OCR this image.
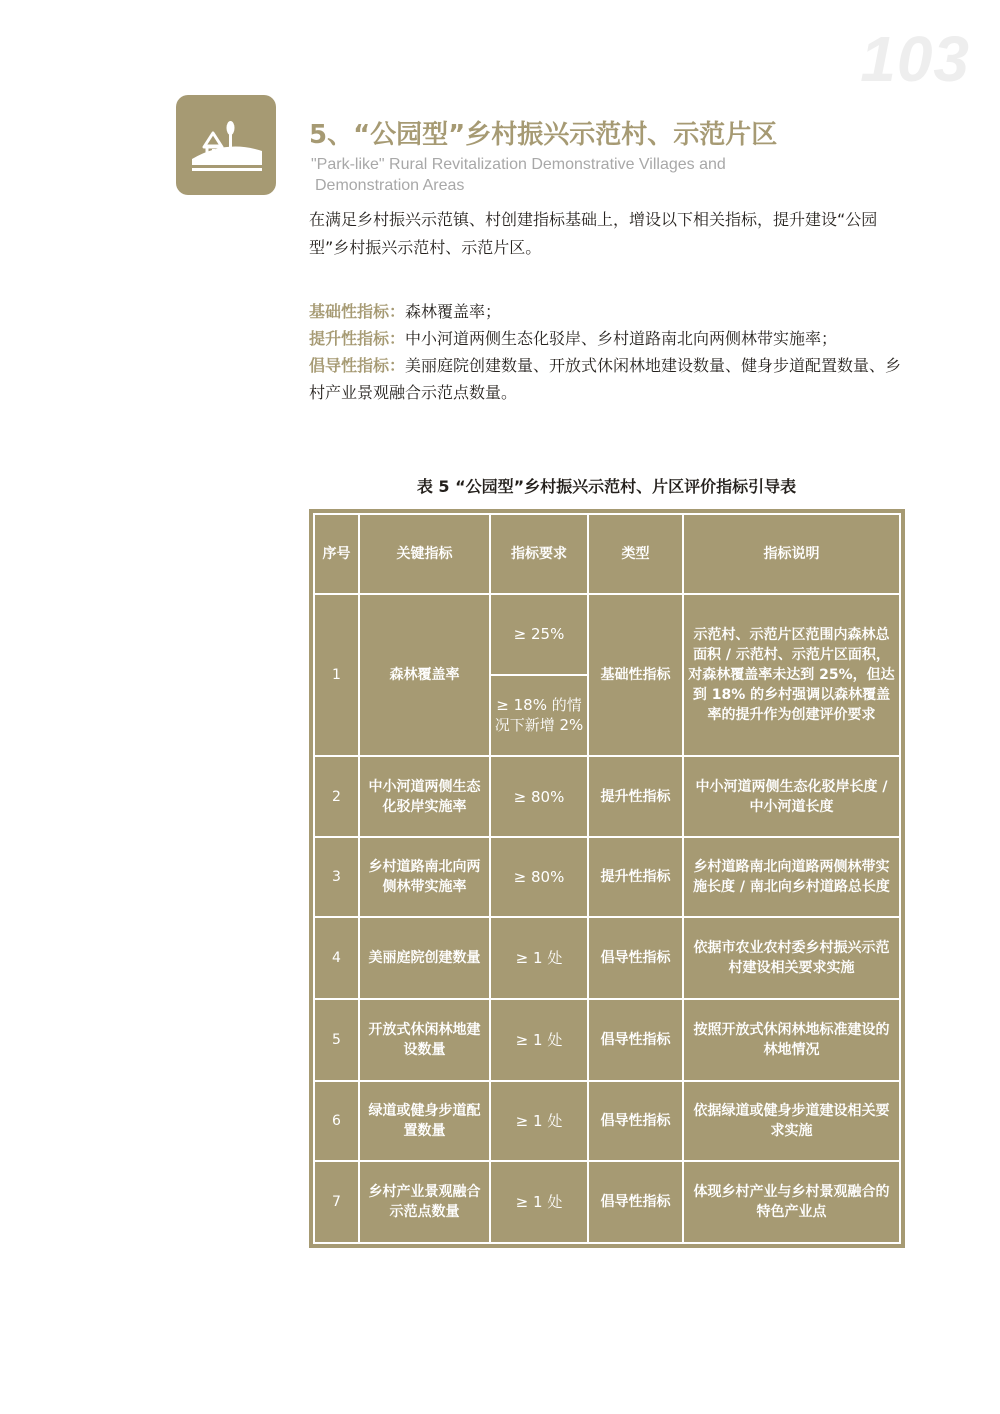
103
5、“公园型”乡村振兴示范村、示范片区
"Park-like" Rural Revitalization Demonstrative Villages and
Demonstration Areas

在满足乡村振兴示范镇、村创建指标基础上，增设以下相关指标，提升建设“公园型”乡村振兴示范村、示范片区。

基础性指标：森林覆盖率；
提升性指标：中小河道两侧生态化驳岸、乡村道路南北向两侧林带实施率；
倡导性指标：美丽庭院创建数量、开放式休闲林地建设数量、健身步道配置数量、乡村产业景观融合示范点数量。
表 5 “公园型”乡村振兴示范村、片区评价指标引导表
序号	关键指标	指标要求	类型	指标说明
1	森林覆盖率	≥ 25%	基础性指标	示范村、示范片区范围内森林总面积 / 示范村、示范片区面积，对森林覆盖率未达到 25%，但达到 18% 的乡村强调以森林覆盖率的提升作为创建评价要求
		≥ 18% 的情况下新增 2%		
2	中小河道两侧生态化驳岸实施率	≥ 80%	提升性指标	中小河道两侧生态化驳岸长度 / 中小河道长度
3	乡村道路南北向两侧林带实施率	≥ 80%	提升性指标	乡村道路南北向道路两侧林带实施长度 / 南北向乡村道路总长度
4	美丽庭院创建数量	≥ 1 处	倡导性指标	依据市农业农村委乡村振兴示范村建设相关要求实施
5	开放式休闲林地建设数量	≥ 1 处	倡导性指标	按照开放式休闲林地标准建设的林地情况
6	绿道或健身步道配置数量	≥ 1 处	倡导性指标	依据绿道或健身步道建设相关要求实施
7	乡村产业景观融合示范点数量	≥ 1 处	倡导性指标	体现乡村产业与乡村景观融合的特色产业点
